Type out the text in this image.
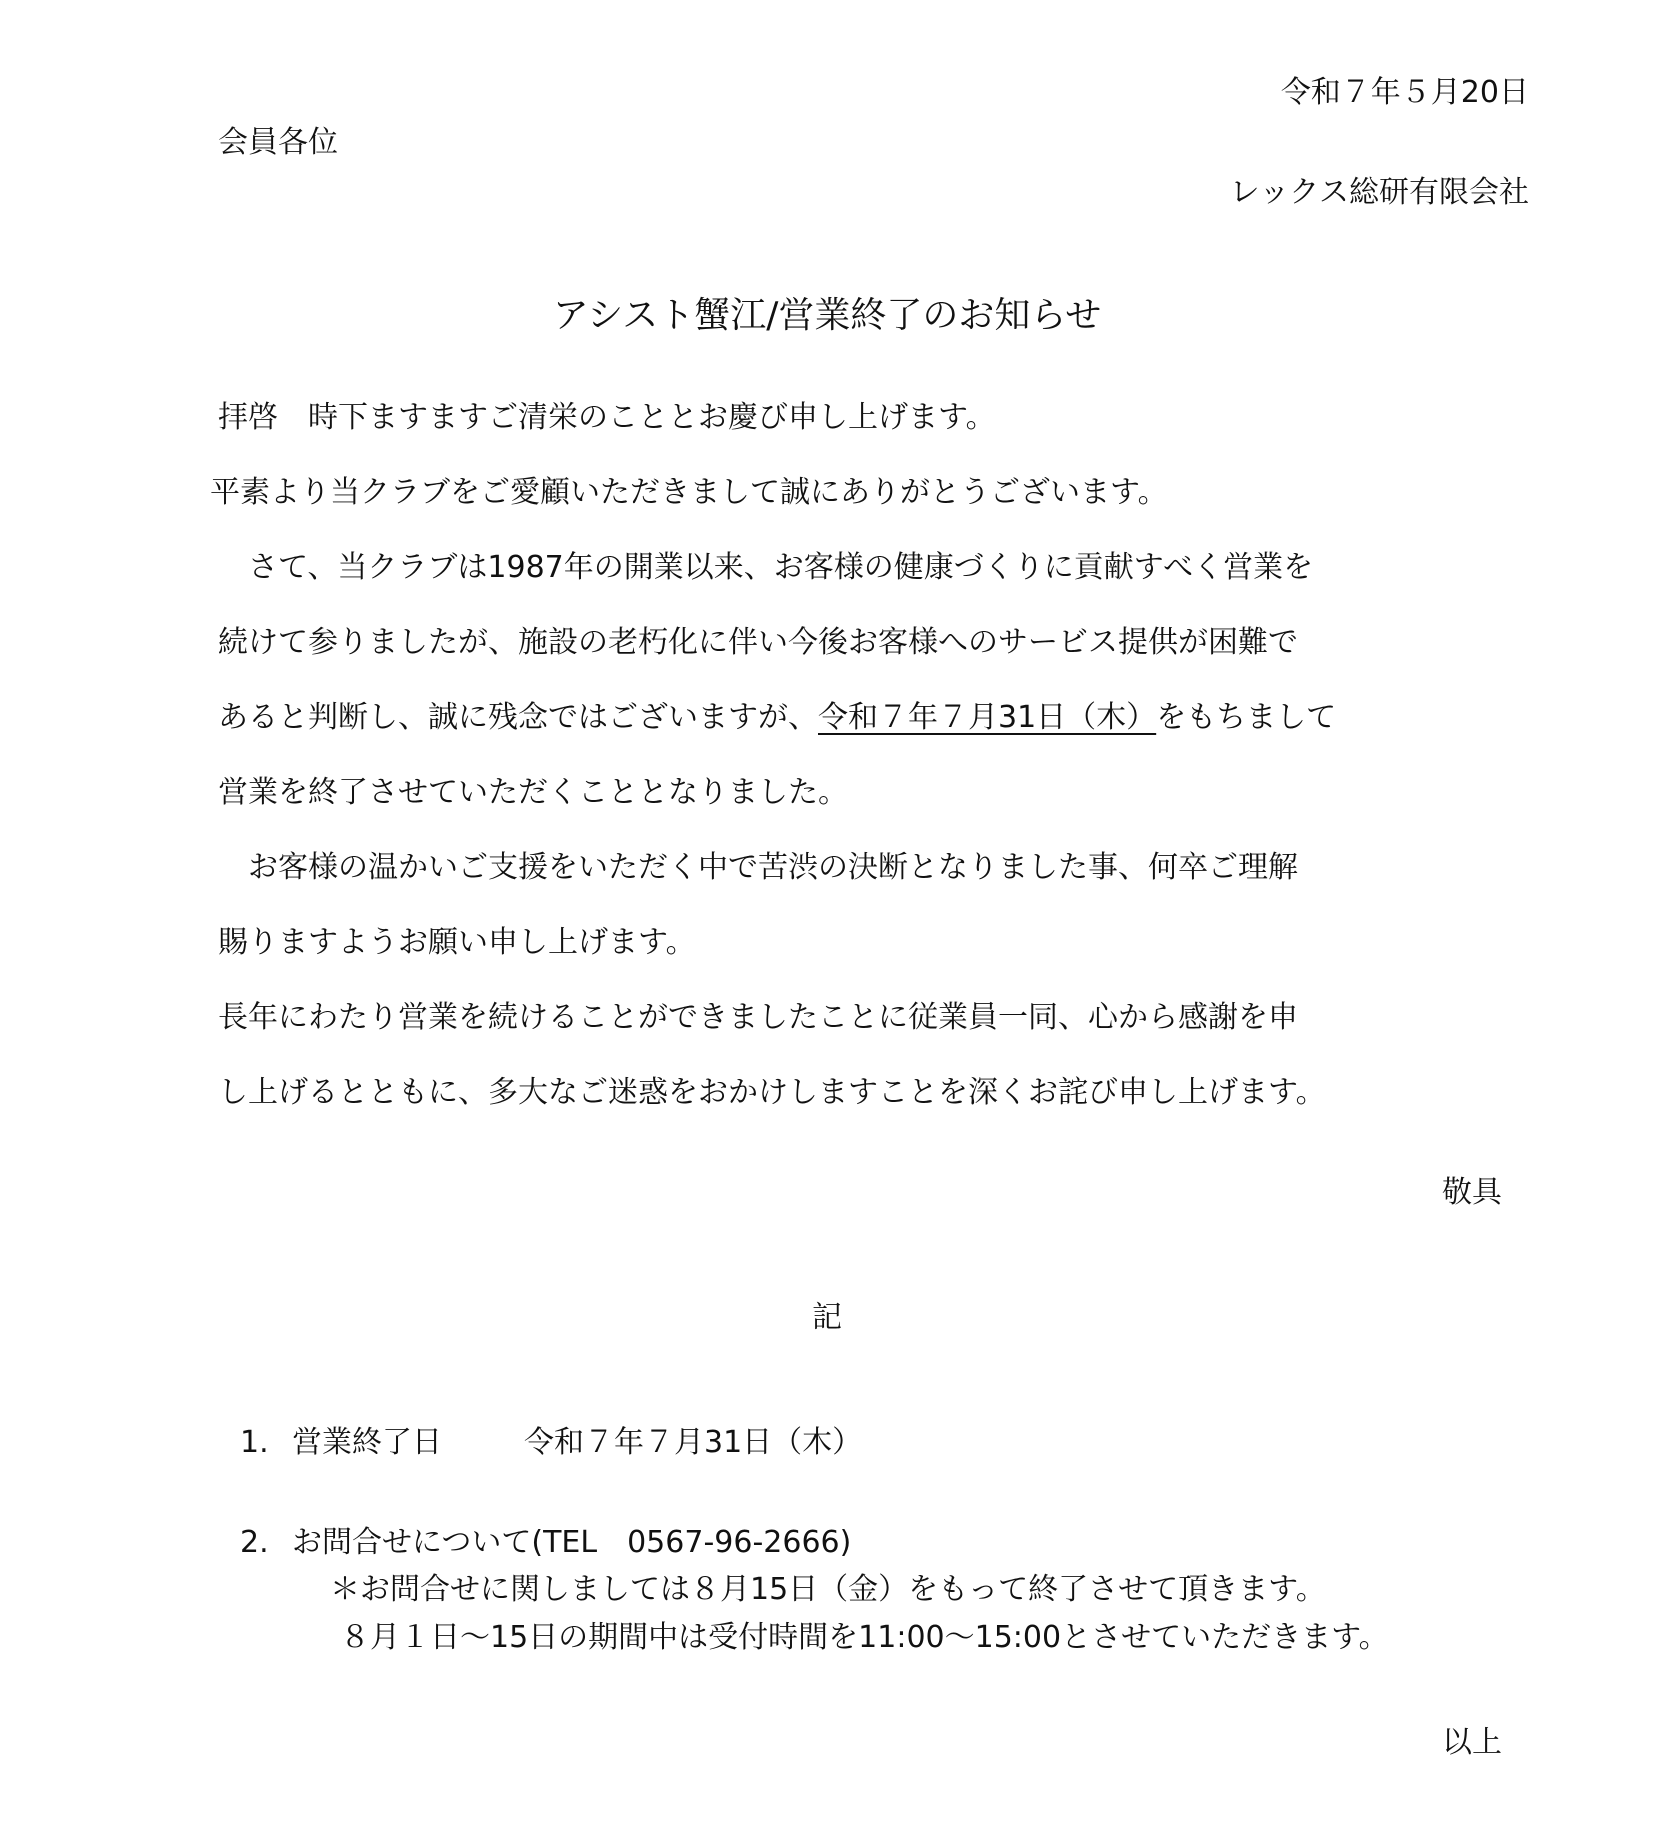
令和７年５月20日
会員各位
レックス総研有限会社
アシスト蟹江/営業終了のお知らせ
拝啓　時下ますますご清栄のこととお慶び申し上げます。
平素より当クラブをご愛顧いただきまして誠にありがとうございます。
　さて、当クラブは1987年の開業以来、お客様の健康づくりに貢献すべく営業を
続けて参りましたが、施設の老朽化に伴い今後お客様へのサービス提供が困難で
あると判断し、誠に残念ではございますが、令和７年７月31日（木）をもちまして
営業を終了させていただくこととなりました。
　お客様の温かいご支援をいただく中で苦渋の決断となりました事、何卒ご理解
賜りますようお願い申し上げます。
長年にわたり営業を続けることができましたことに従業員一同、心から感謝を申
し上げるとともに、多大なご迷惑をおかけしますことを深くお詫び申し上げます。
敬具
記
1. 営業終了日	令和７年７月31日（木）
2. お問合せについて(TEL　0567-96-2666)
＊お問合せに関しましては８月15日（金）をもって終了させて頂きます。
８月１日～15日の期間中は受付時間を11:00～15:00とさせていただきます。
以上
